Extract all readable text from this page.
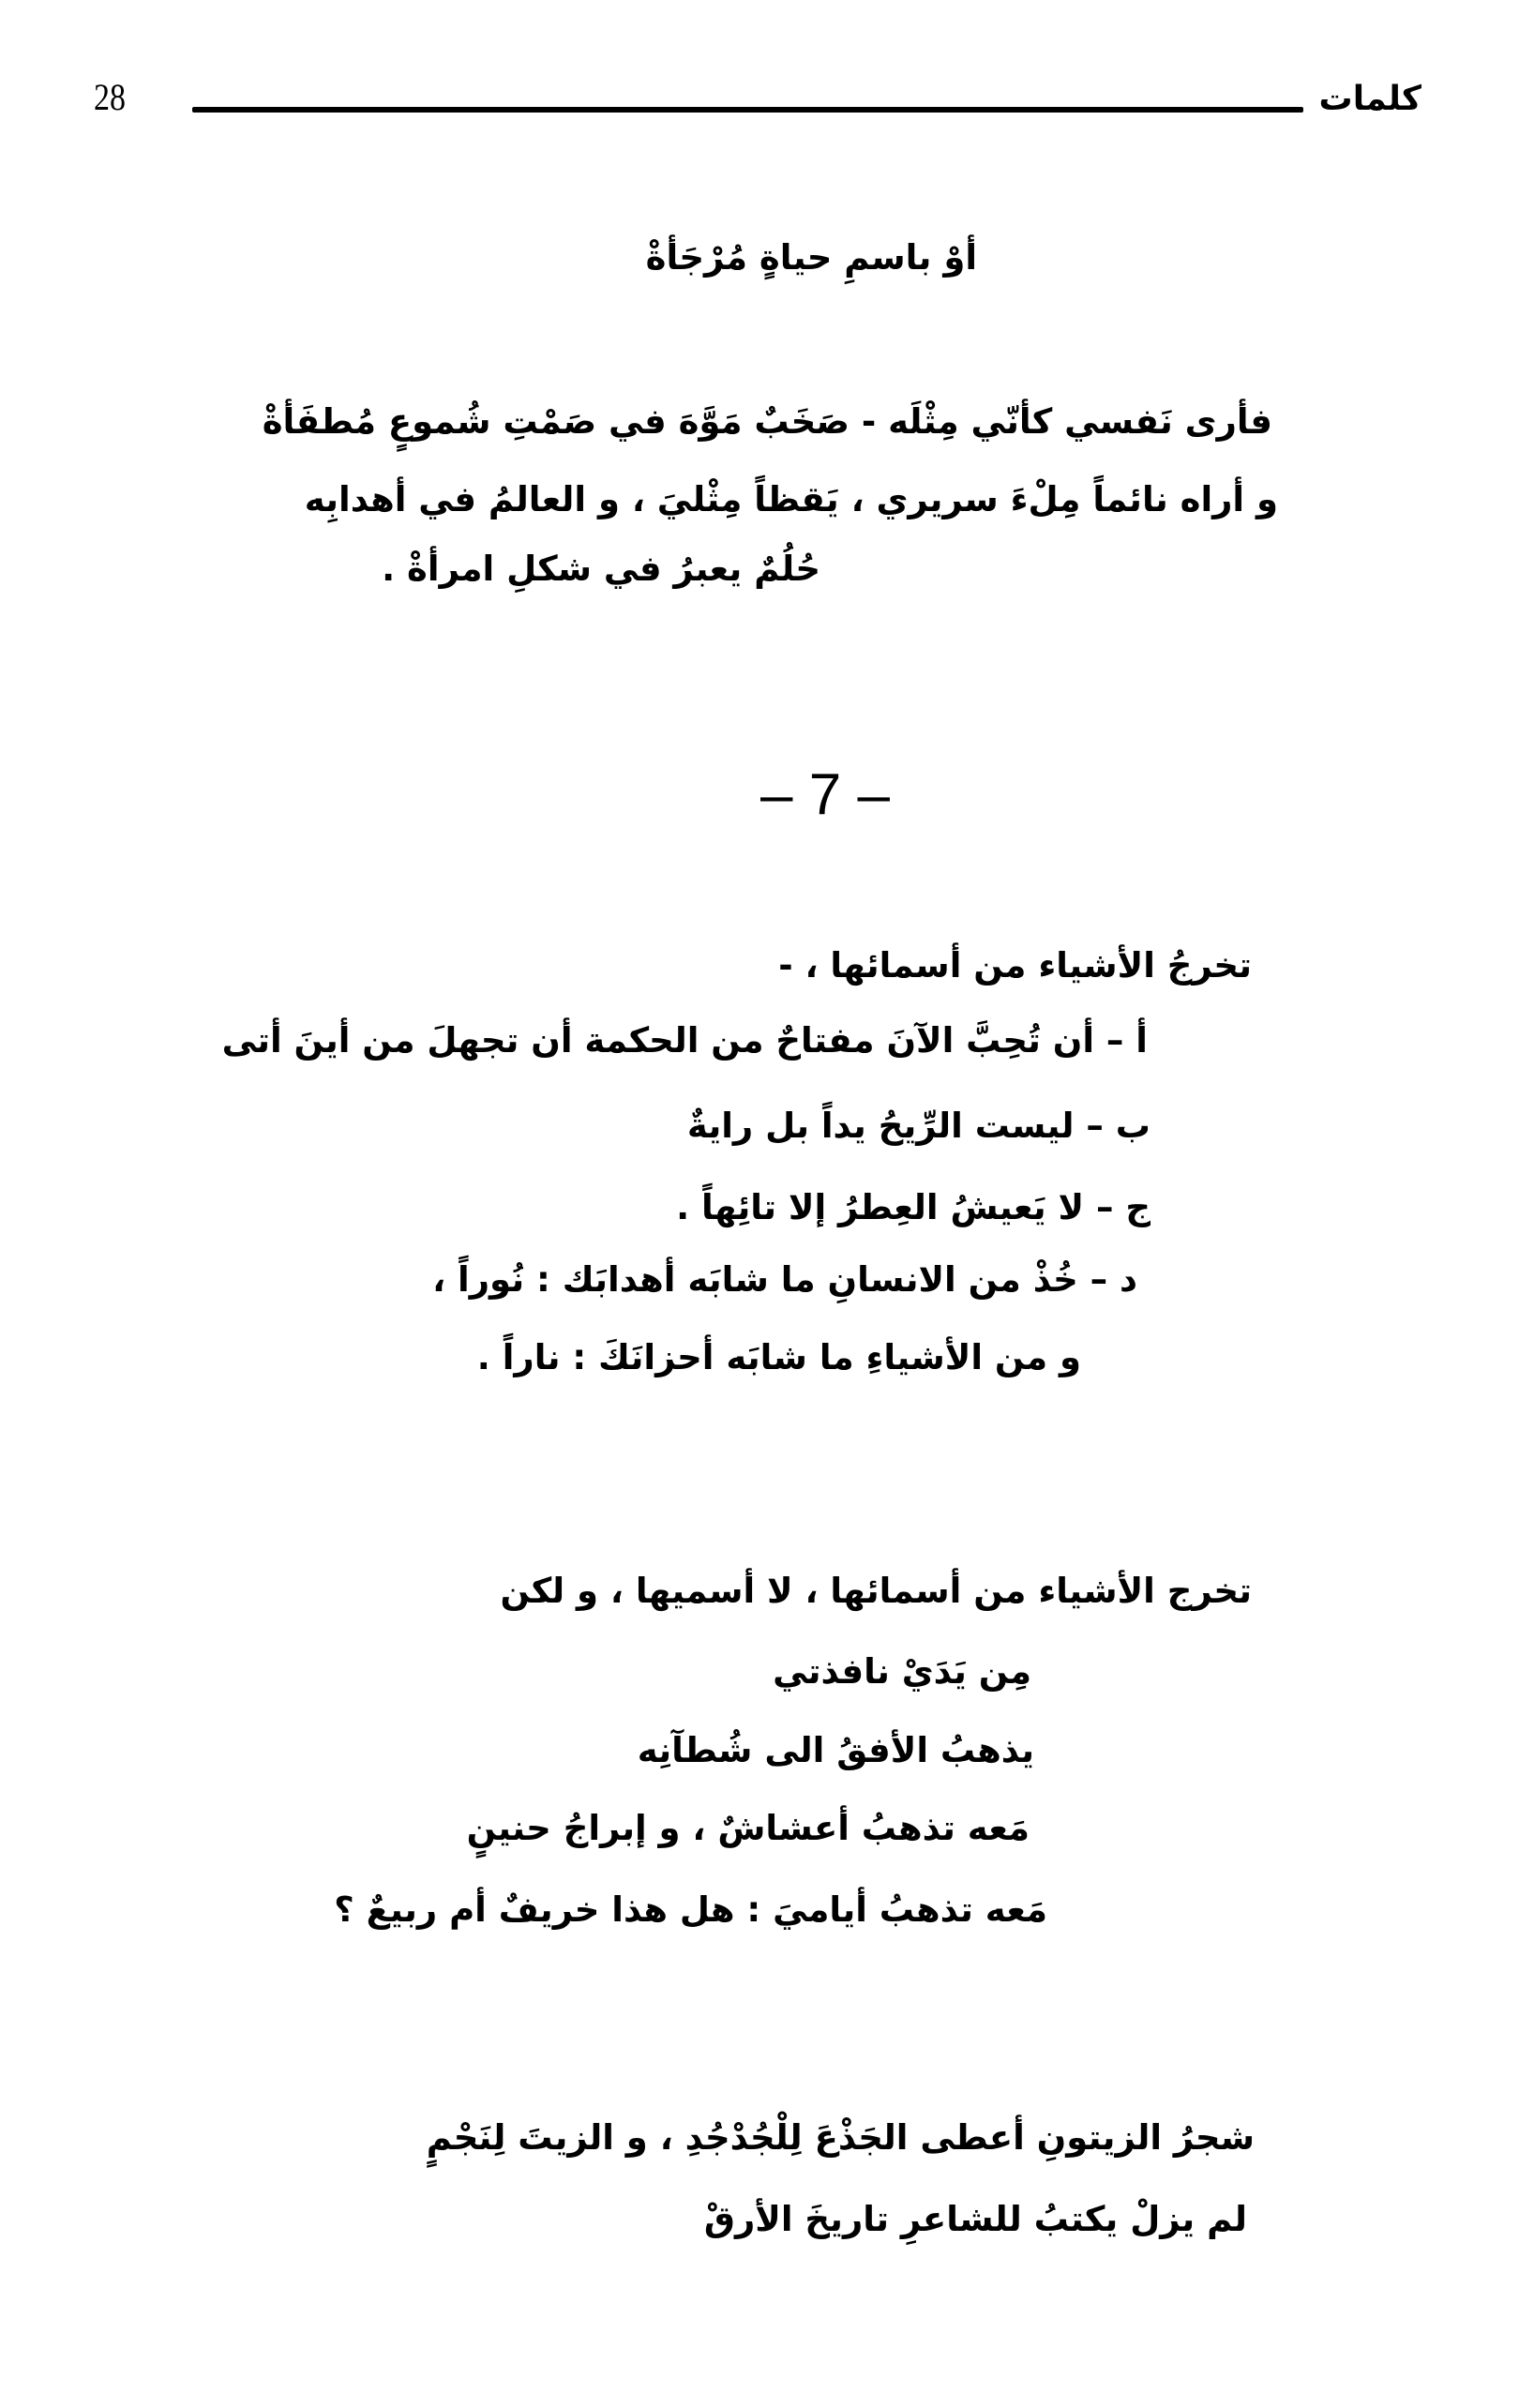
28	كلمات
أوْ باسمِ حياةٍ مُرْجَأةْ
فأرى نَفسي كأنّي مِثْلَه - صَخَبٌ مَوَّهَ في صَمْتِ شُموعٍ مُطفَأةْ
و أراه نائماً مِلْءَ سريري ، يَقظاً مِثْليَ ، و العالمُ في أهدابِه
حُلُمٌ يعبرُ في شكلِ امرأةْ .
– 7 –
تخرجُ الأشياء من أسمائها ، -
أ – أن تُحِبَّ الآنَ مفتاحٌ من الحكمة أن تجهلَ من أينَ أتى
ب – ليست الرِّيحُ يداً بل رايةٌ
ج – لا يَعيشُ العِطرُ إلا تائِهاً .
د – خُذْ من الانسانِ ما شابَه أهدابَك : نُوراً ،
و من الأشياءِ ما شابَه أحزانَكَ : ناراً .
تخرج الأشياء من أسمائها ، لا أسميها ، و لكن
مِن يَدَيْ نافذتي
يذهبُ الأفقُ الى شُطآنِه
مَعه تذهبُ أعشاشٌ ، و إبراجُ حنينٍ
مَعه تذهبُ أياميَ : هل هذا خريفٌ أم ربيعٌ ؟
شجرُ الزيتونِ أعطى الجَذْعَ لِلْجُدْجُدِ ، و الزيتَ لِنَجْمٍ
لم يزلْ يكتبُ للشاعرِ تاريخَ الأرقْ
